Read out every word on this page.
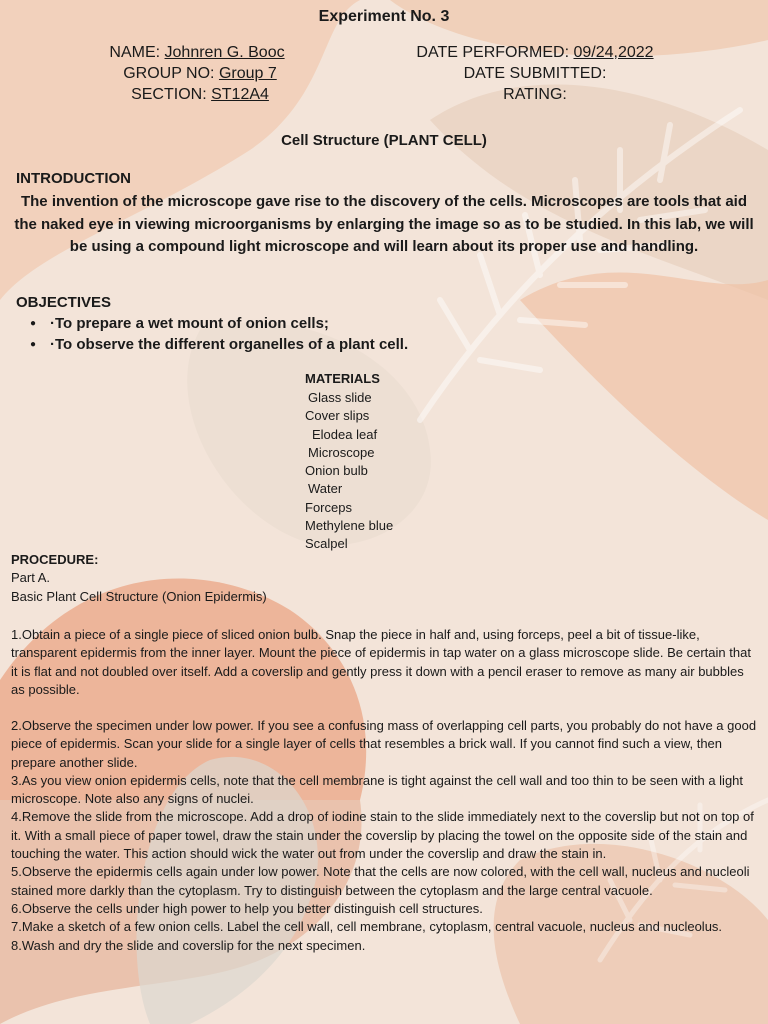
Experiment No. 3
NAME: Johnren G. Booc
GROUP NO: Group 7
SECTION: ST12A4
DATE PERFORMED: 09/24,2022
DATE SUBMITTED:
RATING:
Cell Structure (PLANT CELL)
INTRODUCTION

The invention of the microscope gave rise to the discovery of the cells. Microscopes are tools that aid the naked eye in viewing microorganisms by enlarging the image so as to be studied. In this lab, we will be using a compound light microscope and will learn about its proper use and handling.

OBJECTIVES
● ·To prepare a wet mount of onion cells;
● ·To observe the different organelles of a plant cell.
MATERIALS
Glass slide
Cover slips
Elodea leaf
Microscope
Onion bulb
Water
Forceps
Methylene blue
Scalpel
PROCEDURE:
Part A.
Basic Plant Cell Structure (Onion Epidermis)

1.Obtain a piece of a single piece of sliced onion bulb. Snap the piece in half and, using forceps, peel a bit of tissue-like, transparent epidermis from the inner layer. Mount the piece of epidermis in tap water on a glass microscope slide. Be certain that it is flat and not doubled over itself. Add a coverslip and gently press it down with a pencil eraser to remove as many air bubbles as possible.

2.Observe the specimen under low power. If you see a confusing mass of overlapping cell parts, you probably do not have a good piece of epidermis. Scan your slide for a single layer of cells that resembles a brick wall. If you cannot find such a view, then prepare another slide.
3.As you view onion epidermis cells, note that the cell membrane is tight against the cell wall and too thin to be seen with a light microscope. Note also any signs of nuclei.
4.Remove the slide from the microscope. Add a drop of iodine stain to the slide immediately next to the coverslip but not on top of it. With a small piece of paper towel, draw the stain under the coverslip by placing the towel on the opposite side of the stain and touching the water. This action should wick the water out from under the coverslip and draw the stain in.
5.Observe the epidermis cells again under low power. Note that the cells are now colored, with the cell wall, nucleus and nucleoli stained more darkly than the cytoplasm. Try to distinguish between the cytoplasm and the large central vacuole.
6.Observe the cells under high power to help you better distinguish cell structures.
7.Make a sketch of a few onion cells. Label the cell wall, cell membrane, cytoplasm, central vacuole, nucleus and nucleolus.
8.Wash and dry the slide and coverslip for the next specimen.
